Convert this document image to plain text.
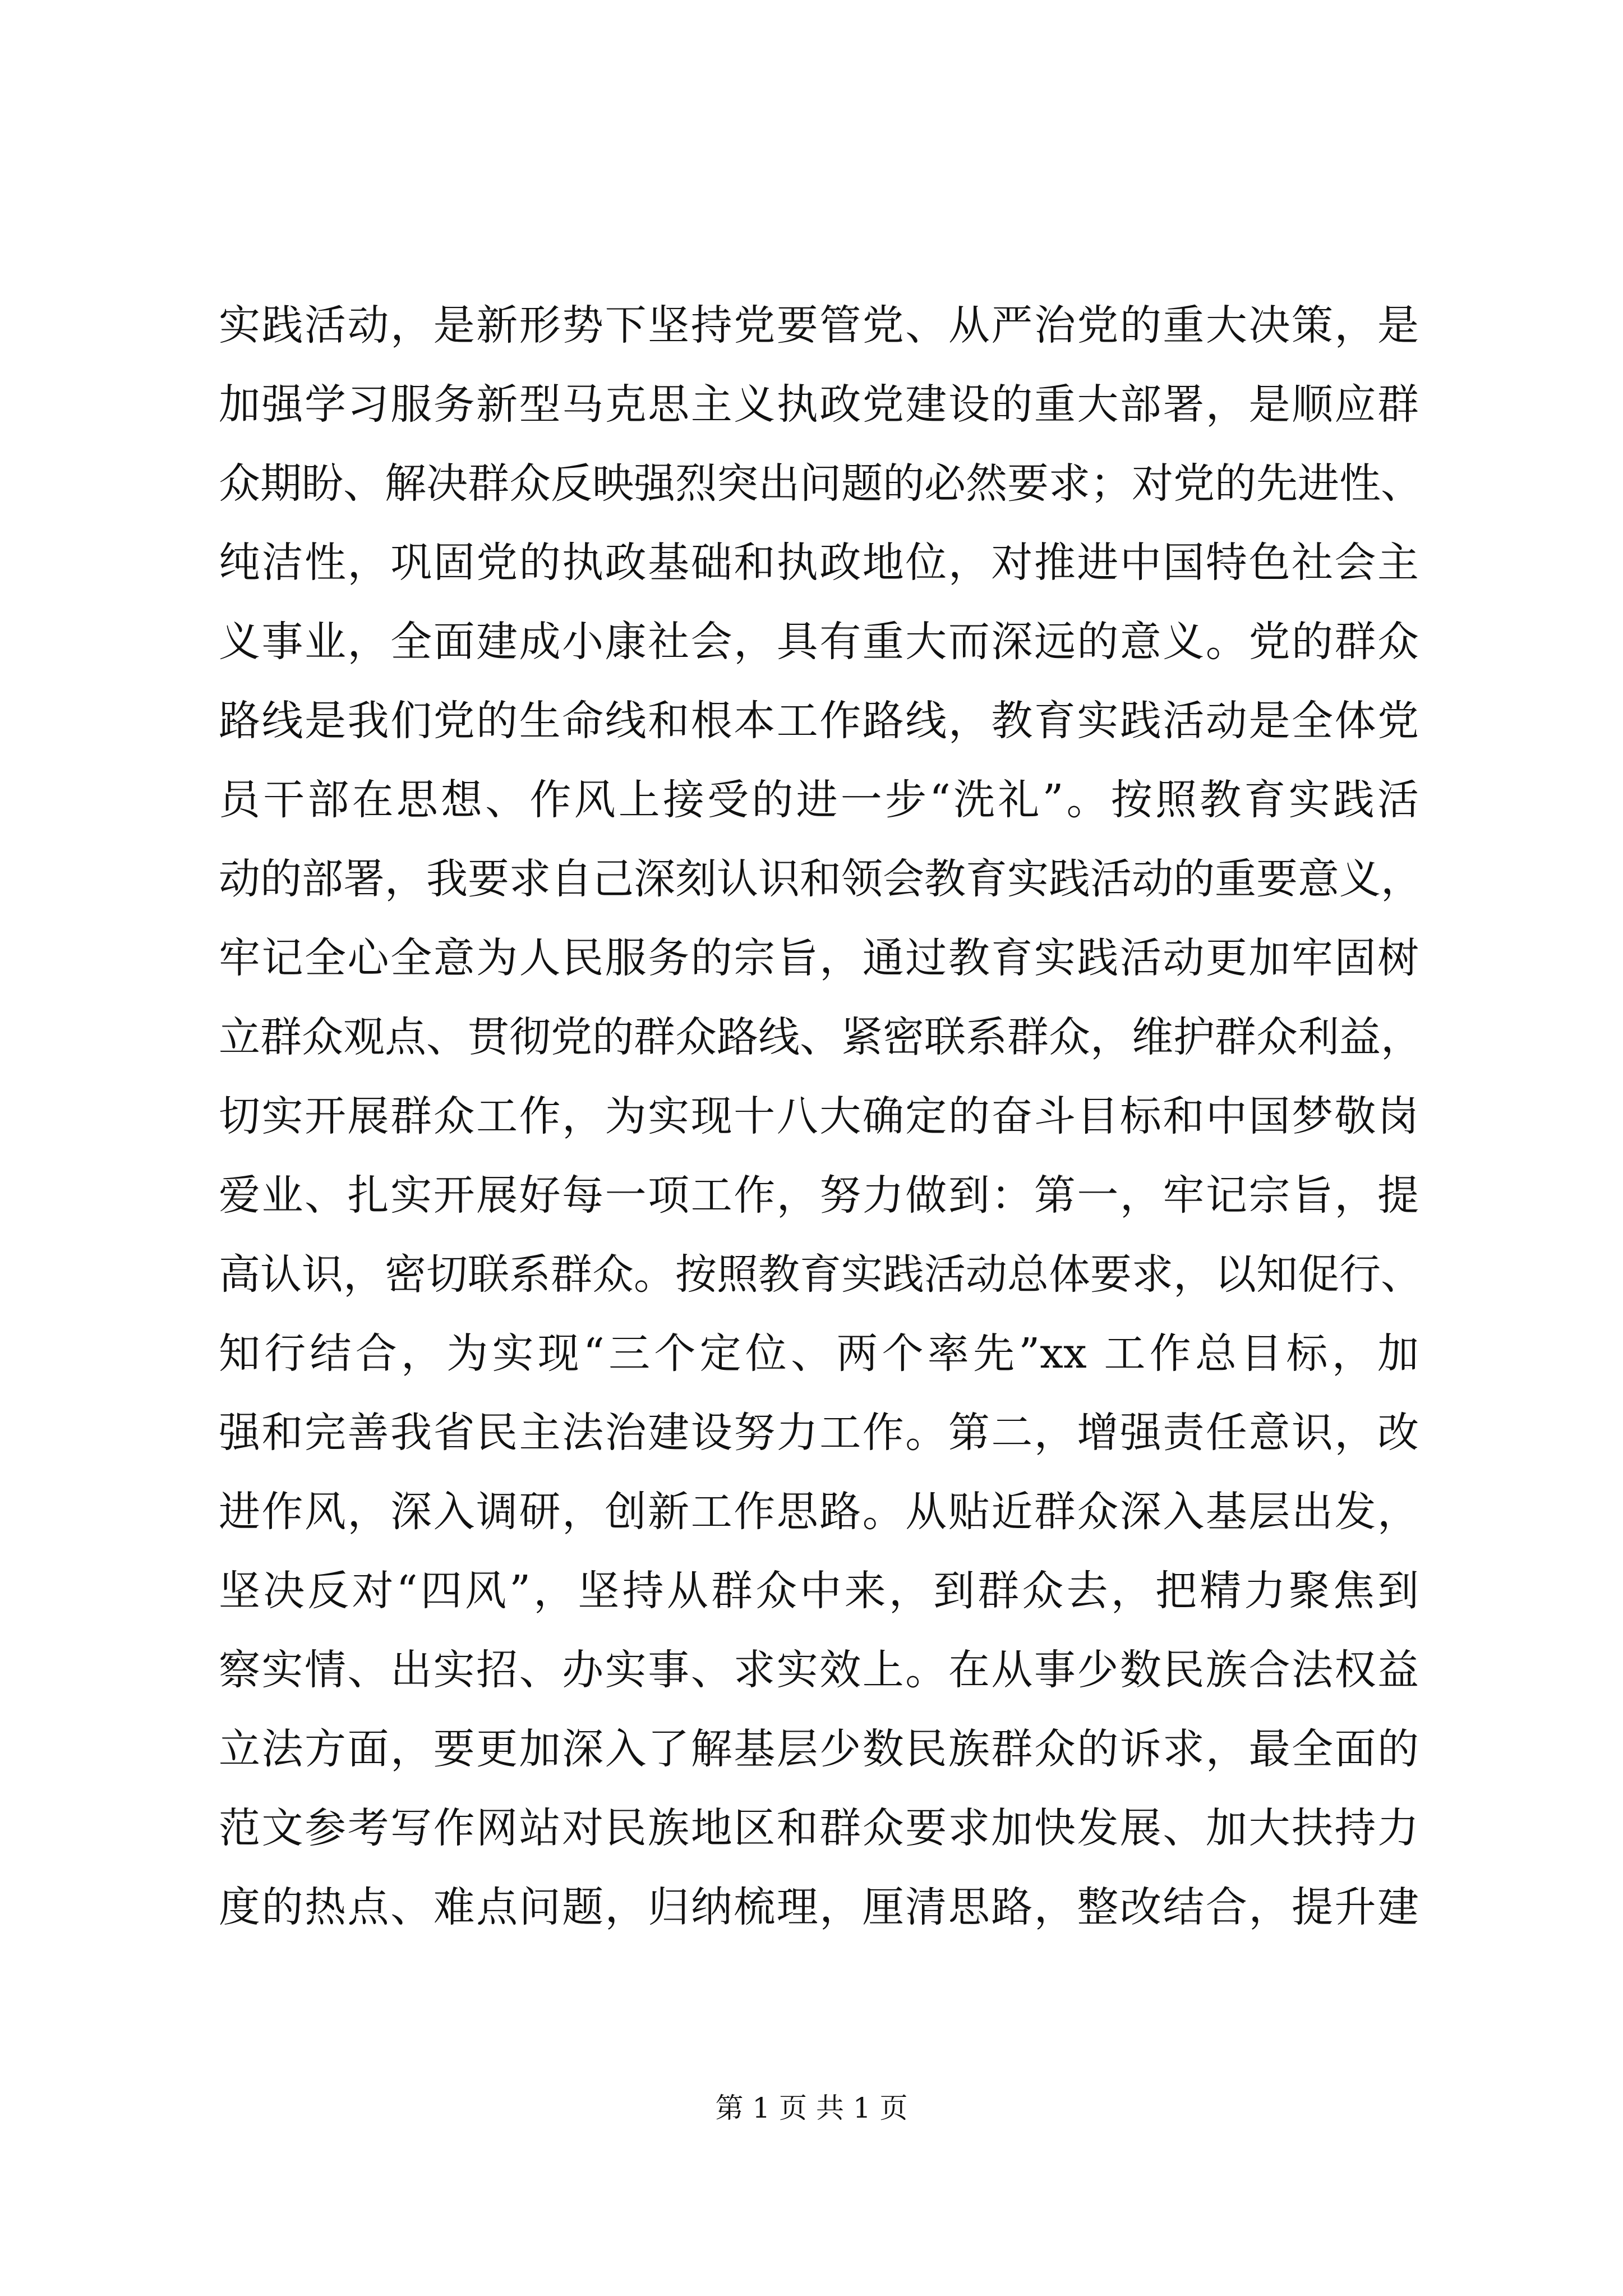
实践活动，是新形势下坚持党要管党、从严治党的重大决策，是
加强学习服务新型马克思主义执政党建设的重大部署，是顺应群
众期盼、解决群众反映强烈突出问题的必然要求；对党的先进性、
纯洁性，巩固党的执政基础和执政地位，对推进中国特色社会主
义事业，全面建成小康社会，具有重大而深远的意义。党的群众
路线是我们党的生命线和根本工作路线，教育实践活动是全体党
员干部在思想、作风上接受的进一步“洗礼”。按照教育实践活
动的部署，我要求自己深刻认识和领会教育实践活动的重要意义，
牢记全心全意为人民服务的宗旨，通过教育实践活动更加牢固树
立群众观点、贯彻党的群众路线、紧密联系群众，维护群众利益，
切实开展群众工作，为实现十八大确定的奋斗目标和中国梦敬岗
爱业、扎实开展好每一项工作，努力做到：第一，牢记宗旨，提
高认识，密切联系群众。按照教育实践活动总体要求，以知促行、
知行结合，为实现“三个定位、两个率先”xx 工作总目标，加
强和完善我省民主法治建设努力工作。第二，增强责任意识，改
进作风，深入调研，创新工作思路。从贴近群众深入基层出发，
坚决反对“四风”，坚持从群众中来，到群众去，把精力聚焦到
察实情、出实招、办实事、求实效上。在从事少数民族合法权益
立法方面，要更加深入了解基层少数民族群众的诉求，最全面的
范文参考写作网站对民族地区和群众要求加快发展、加大扶持力
度的热点、难点问题，归纳梳理，厘清思路，整改结合，提升建
第 1 页 共 1 页
